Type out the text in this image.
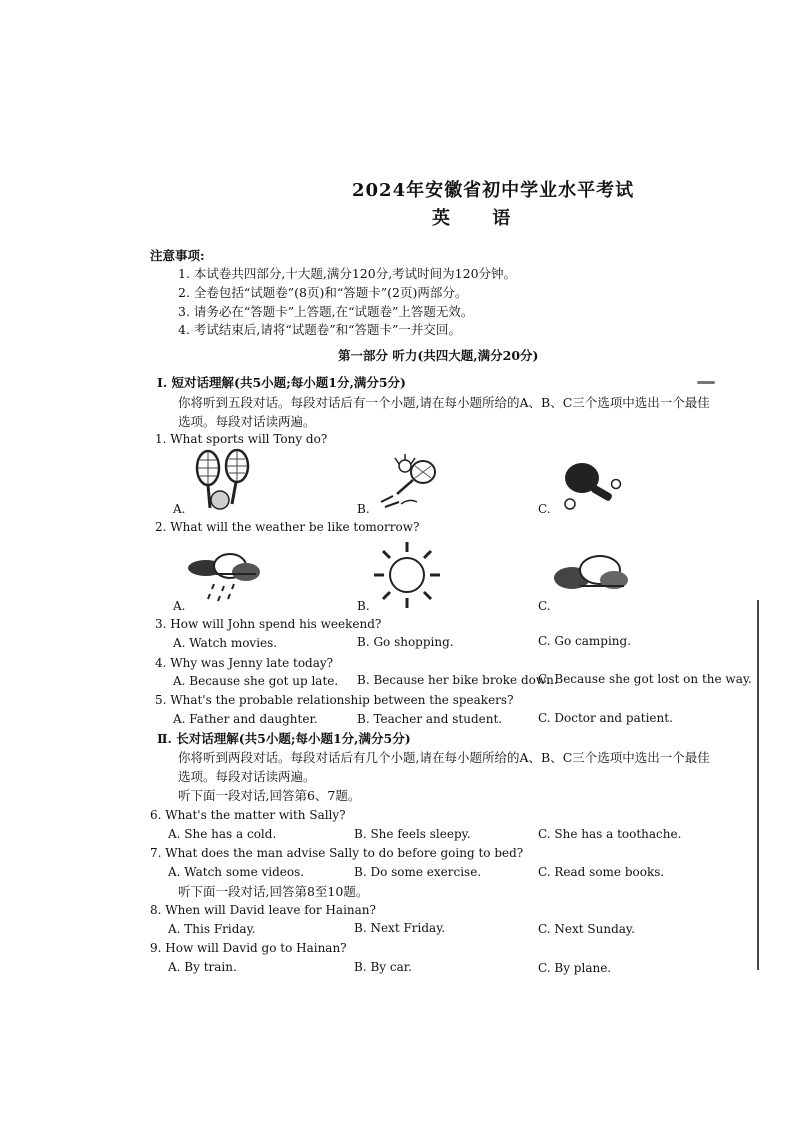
2024年安徽省初中学业水平考试
英 语
注意事项:
1. 本试卷共四部分,十大题,满分120分,考试时间为120分钟。
2. 全卷包括“试题卷”(8页)和“答题卡”(2页)两部分。
3. 请务必在“答题卡”上答题,在“试题卷”上答题无效。
4. 考试结束后,请将“试题卷”和“答题卡”一并交回。
第一部分 听力(共四大题,满分20分)
Ⅰ. 短对话理解(共5小题;每小题1分,满分5分)
你将听到五段对话。每段对话后有一个小题,请在每小题所给的A、B、C三个选项中选出一个最佳
选项。每段对话读两遍。
1. What sports will Tony do?
A.	B.	C.
2. What will the weather be like tomorrow?
A.	B.	C.
3. How will John spend his weekend?
A. Watch movies.	B. Go shopping.	C. Go camping.
4. Why was Jenny late today?
A. Because she got up late. B. Because her bike broke down.
C. Because she got lost on the way.
5. What's the probable relationship between the speakers?
A. Father and daughter.	B. Teacher and student.	C. Doctor and patient.
Ⅱ. 长对话理解(共5小题;每小题1分,满分5分)
你将听到两段对话。每段对话后有几个小题,请在每小题所给的A、B、C三个选项中选出一个最佳
选项。每段对话读两遍。
听下面一段对话,回答第6、7题。
6. What's the matter with Sally?
A. She has a cold.	B. She feels sleepy.	C. She has a toothache.
7. What does the man advise Sally to do before going to bed?
A. Watch some videos.	B. Do some exercise.	C. Read some books.
听下面一段对话,回答第8至10题。
8. When will David leave for Hainan?
A. This Friday.	B. Next Friday.	C. Next Sunday.
9. How will David go to Hainan?
A. By train.	B. By car.	C. By plane.
